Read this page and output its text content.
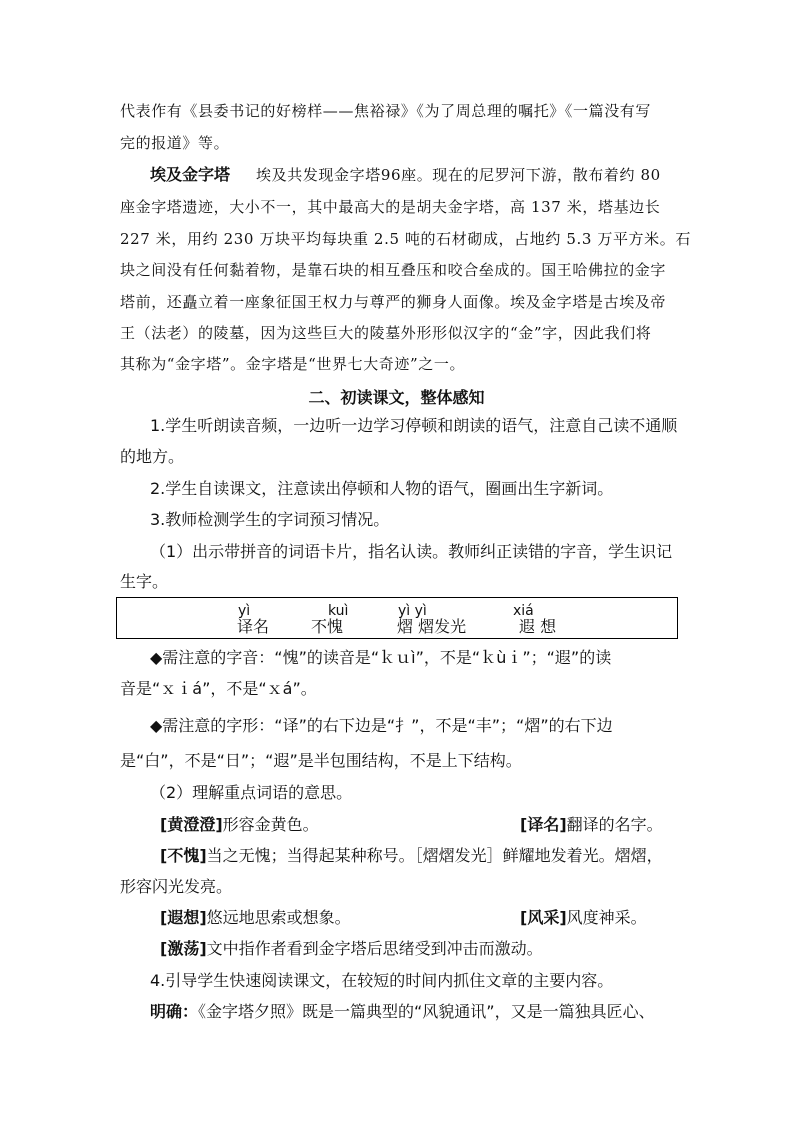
代表作有《县委书记的好榜样——焦裕禄》《为了周总理的嘱托》《一篇没有写
完的报道》等。
埃及金字塔 埃及共发现金字塔96座。现在的尼罗河下游，散布着约 80
座金字塔遗迹，大小不一，其中最高大的是胡夫金字塔，高 137 米，塔基边长
227 米，用约 230 万块平均每块重 2.5 吨的石材砌成，占地约 5.3 万平方米。石
块之间没有任何黏着物，是靠石块的相互叠压和咬合垒成的。国王哈佛拉的金字
塔前，还矗立着一座象征国王权力与尊严的狮身人面像。埃及金字塔是古埃及帝
王（法老）的陵墓，因为这些巨大的陵墓外形形似汉字的“金”字，因此我们将
其称为“金字塔”。金字塔是“世界七大奇迹”之一。
二、初读课文，整体感知
1.学生听朗读音频，一边听一边学习停顿和朗读的语气，注意自己读不通顺
的地方。
2.学生自读课文，注意读出停顿和人物的语气，圈画出生字新词。
3.教师检测学生的字词预习情况。
（1）出示带拼音的词语卡片，指名认读。教师纠正读错的字音，学生识记
生字。
yì
译名
kuì
不愧
yì yì
熠 熠发光
xiá
遐 想
◆需注意的字音：“愧”的读音是“ｋｕì”，不是“ｋùｉ”；“遐”的读
音是“ｘｉá”，不是“ｘá”。
◆需注意的字形：“译”的右下边是“⺘”，不是“丰”；“熠”的右下边
是“白”，不是“日”；“遐”是半包围结构，不是上下结构。
（2）理解重点词语的意思。
[黄澄澄]形容金黄色。	[译名]翻译的名字。
[不愧]当之无愧；当得起某种称号。［熠熠发光］鲜耀地发着光。熠熠，
形容闪光发亮。
[遐想]悠远地思索或想象。	[风采]风度神采。
[激荡]文中指作者看到金字塔后思绪受到冲击而激动。
4.引导学生快速阅读课文，在较短的时间内抓住文章的主要内容。
明确：《金字塔夕照》既是一篇典型的“风貌通讯”，又是一篇独具匠心、
